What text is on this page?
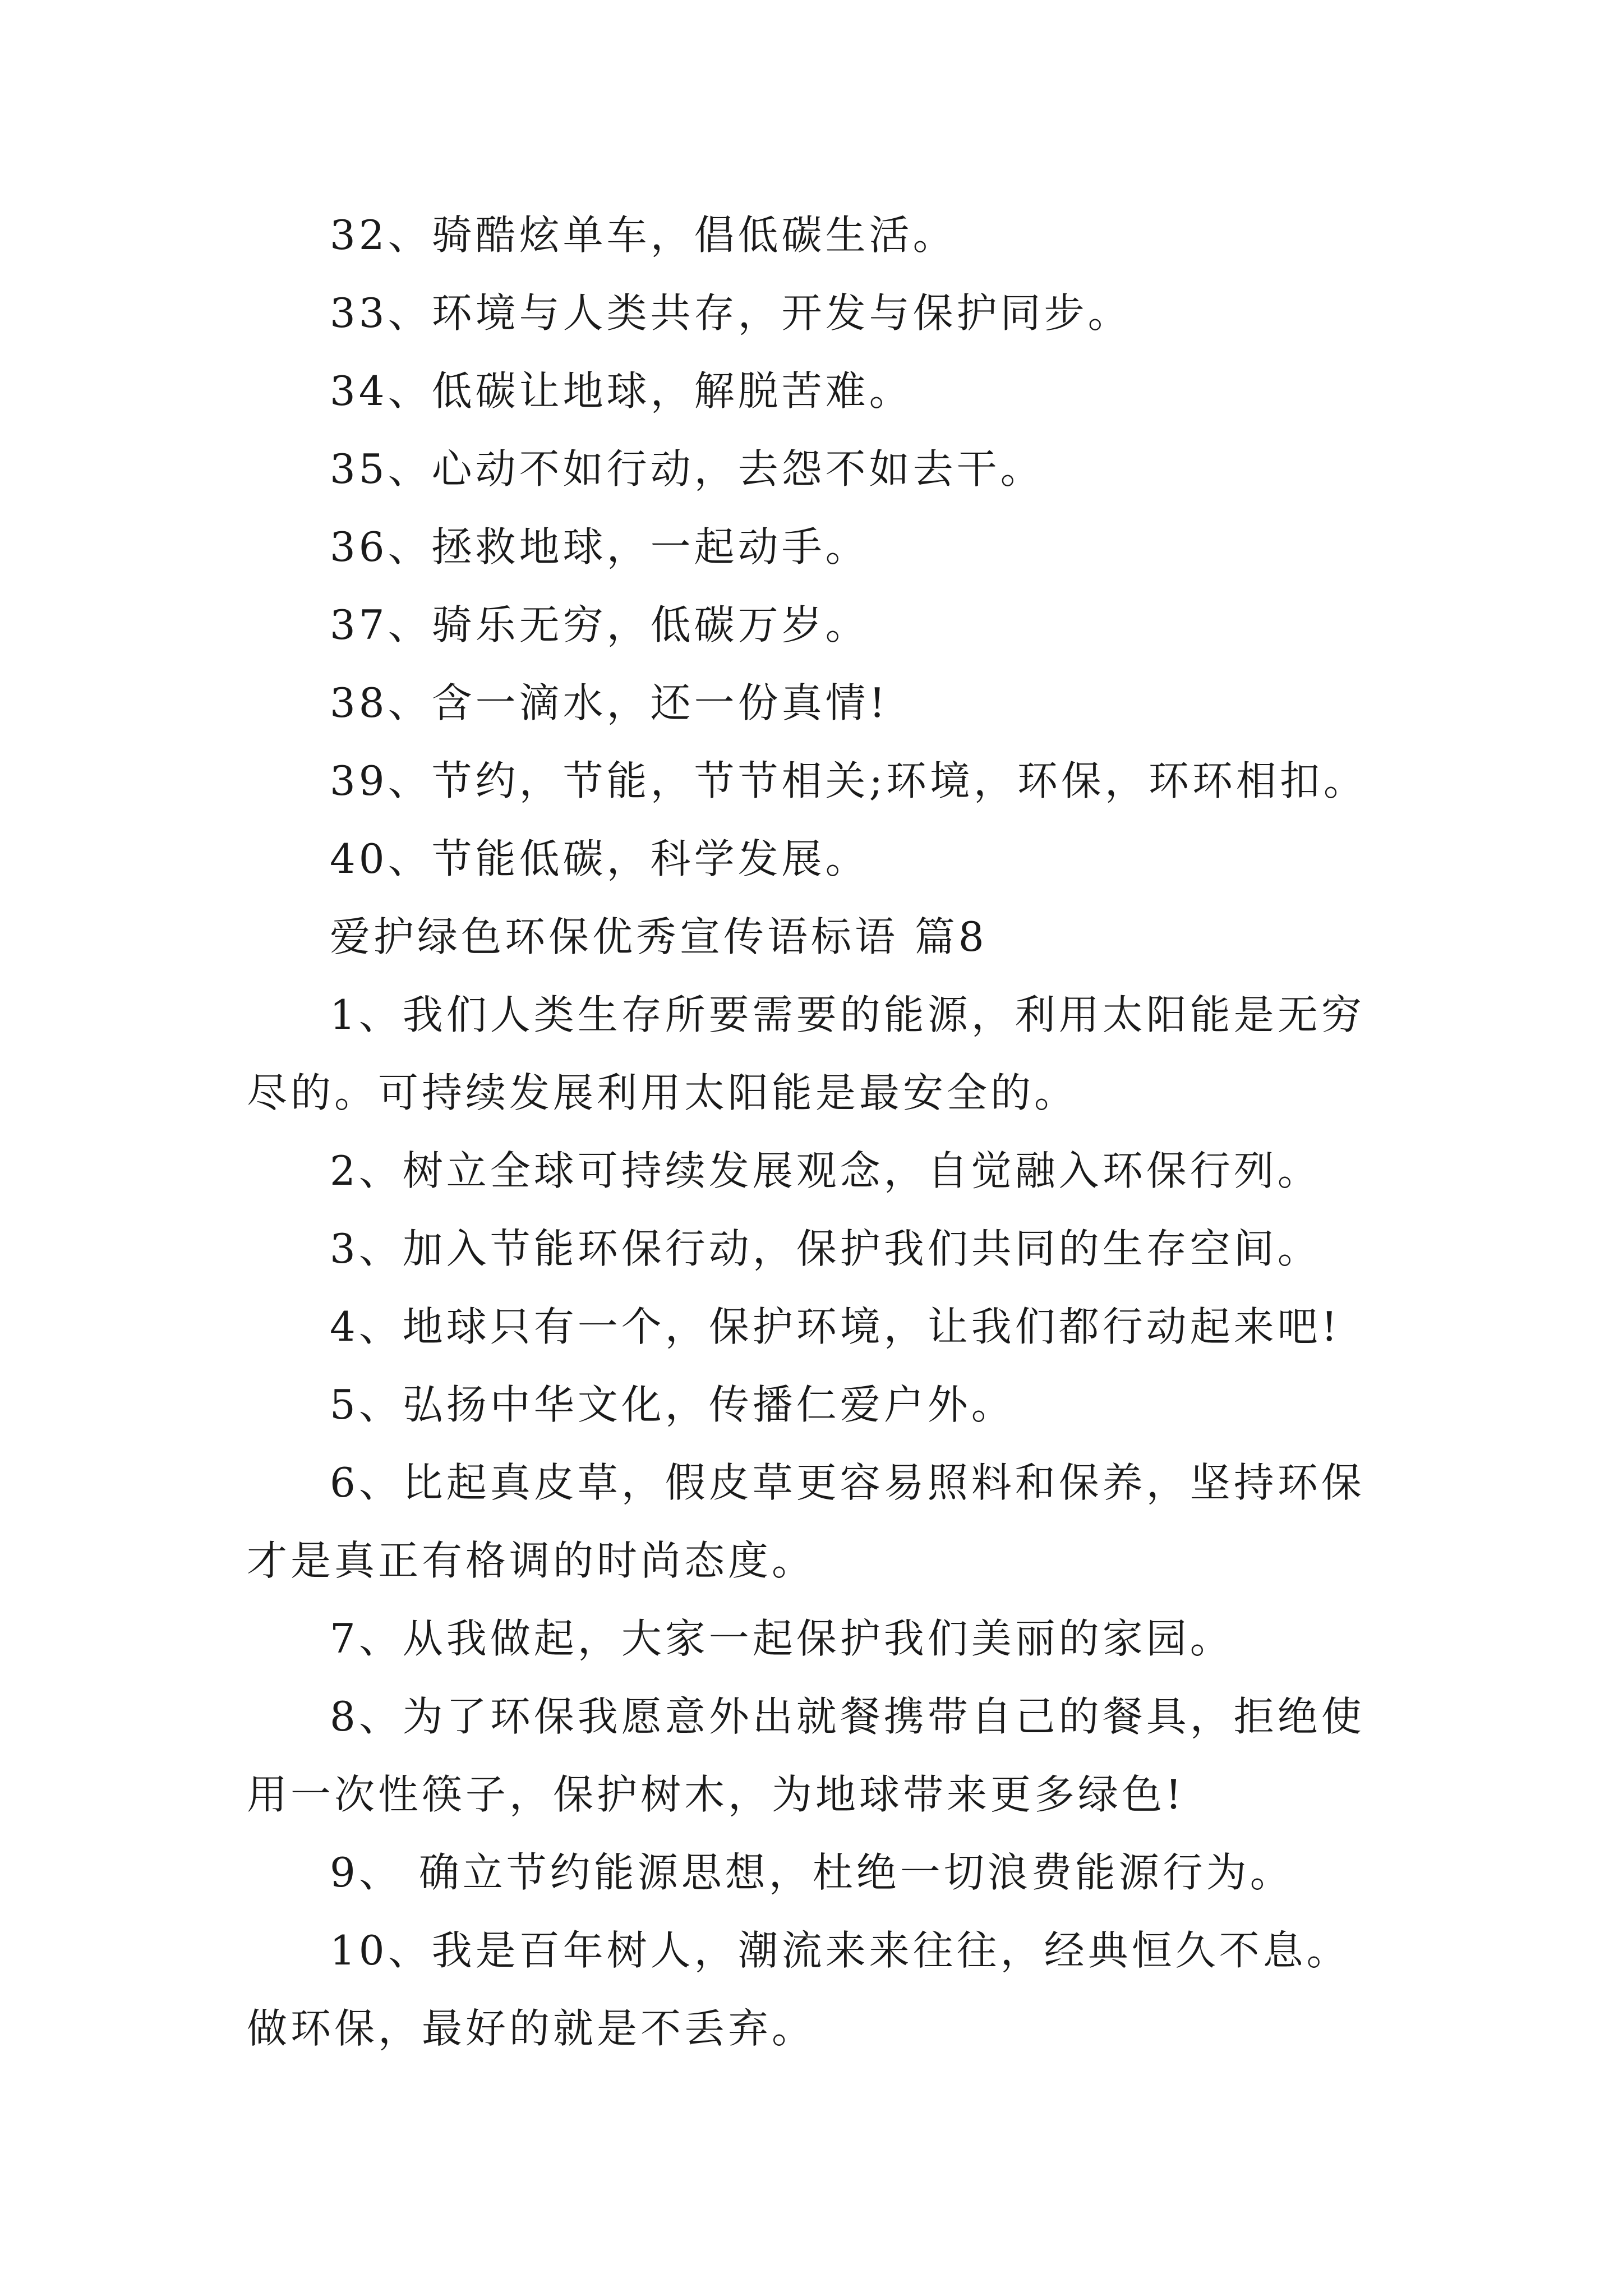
32、骑酷炫单车，倡低碳生活。

33、环境与人类共存，开发与保护同步。

34、低碳让地球，解脱苦难。

35、心动不如行动，去怨不如去干。

36、拯救地球，一起动手。

37、骑乐无穷，低碳万岁。

38、含一滴水，还一份真情!

39、节约，节能，节节相关;环境，环保，环环相扣。

40、节能低碳，科学发展。

爱护绿色环保优秀宣传语标语 篇8

1、我们人类生存所要需要的能源，利用太阳能是无穷尽的。可持续发展利用太阳能是最安全的。

2、树立全球可持续发展观念，自觉融入环保行列。

3、加入节能环保行动，保护我们共同的生存空间。

4、地球只有一个，保护环境，让我们都行动起来吧!

5、弘扬中华文化，传播仁爱户外。

6、比起真皮草，假皮草更容易照料和保养，坚持环保才是真正有格调的时尚态度。

7、从我做起，大家一起保护我们美丽的家园。

8、为了环保我愿意外出就餐携带自己的餐具，拒绝使用一次性筷子，保护树木，为地球带来更多绿色!

9、 确立节约能源思想，杜绝一切浪费能源行为。

10、我是百年树人，潮流来来往往，经典恒久不息。做环保，最好的就是不丢弃。
